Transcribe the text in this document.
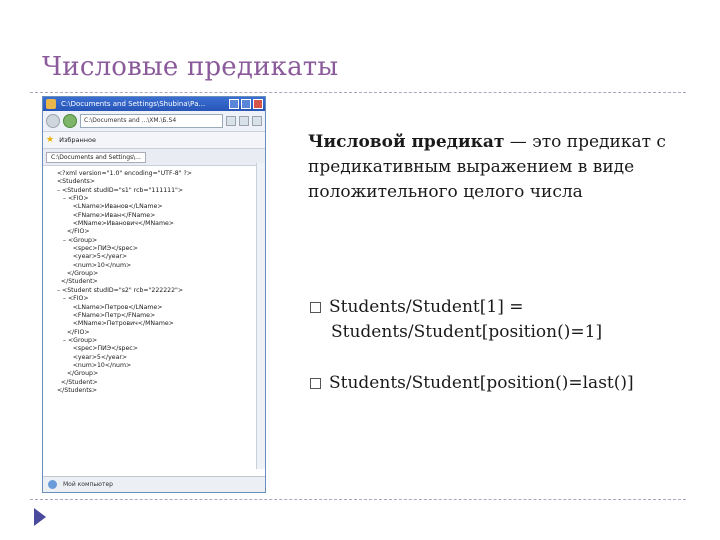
Числовые предикаты
C:\Documents and Settings\Shubina\Ра...
C:\Documents and ...\ХМ.\Б.S4
★ Избранное
C:\Documents and Settings\...
<?xml version="1.0" encoding="UTF-8" ?>
<Students>
– <Student studID="s1" rcb="111111">
– <FIO>
<LName>Иванов</LName>
<FName>Иван</FName>
<MName>Иванович</MName>
</FIO>
– <Group>
<spec>ПИЭ</spec>
<year>5</year>
<num>10</num>
</Group>
</Student>
– <Student studID="s2" rcb="222222">
– <FIO>
<LName>Петров</LName>
<FName>Петр</FName>
<MName>Петрович</MName>
</FIO>
– <Group>
<spec>ПИЭ</spec>
<year>5</year>
<num>10</num>
</Group>
</Student>
</Students>
Мой компьютер
Числовой предикат — это предикат с предикативным выражением в виде положительного целого числа
Students/Student[1] =
Students/Student[position()=1]
Students/Student[position()=last()]
